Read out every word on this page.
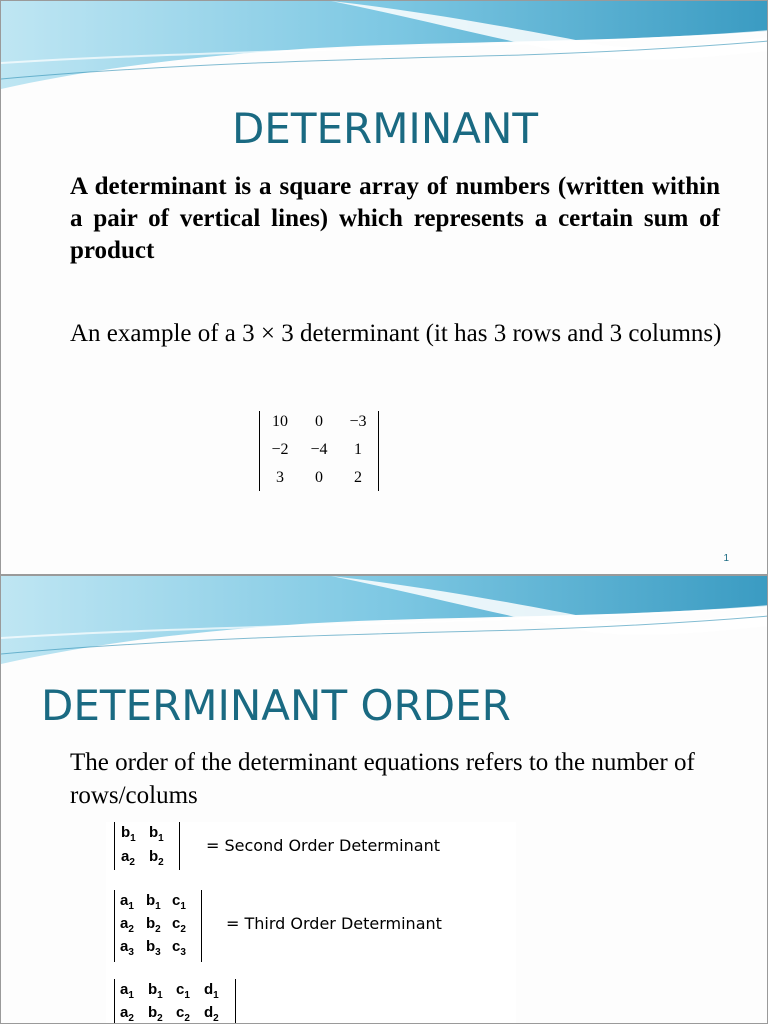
DETERMINANT

A determinant is a square array of numbers (written within a pair of vertical lines) which represents a certain sum of product

An example of a 3 × 3 determinant (it has 3 rows and 3 columns)

10	0	−3
−2	−4	1
3	0	2
1
DETERMINANT ORDER

The order of the determinant equations refers to the number of rows/colums

$b_1$ $b_1$
$a_2$ $b_2$
= Second Order Determinant
$a_1$ $b_1$ $c_1$
$a_2$ $b_2$ $c_2$
$a_3$ $b_3$ $c_3$
= Third Order Determinant
$a_1$ $b_1$ $c_1$ $d_1$
$a_2$ $b_2$ $c_2$ $d_2$
